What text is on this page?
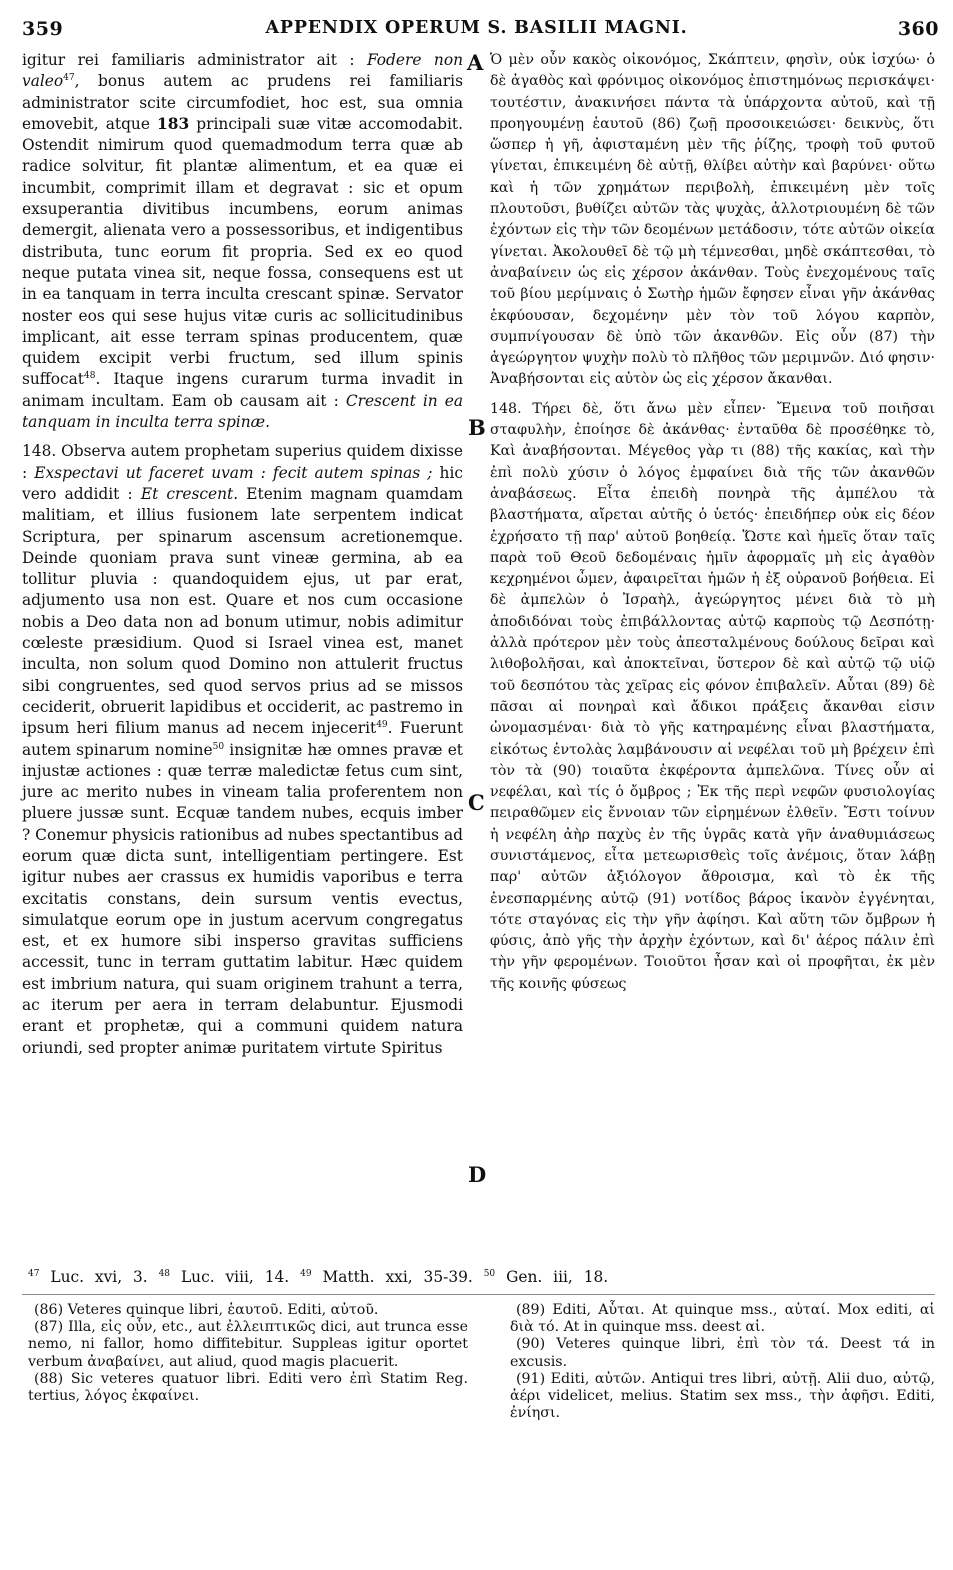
359	APPENDIX OPERUM S. BASILII MAGNI.	360

igitur rei familiaris administrator ait : Fodere non valeo$^{47}$, bonus autem ac prudens rei familiaris administrator scite circumfodiet, hoc est, sua omnia emovebit, atque 183 principali suæ vitæ accomodabit. Ostendit nimirum quod quemadmodum terra quæ ab radice solvitur, fit plantæ alimentum, et ea quæ ei incumbit, comprimit illam et degravat : sic et opum exsuperantia divitibus incumbens, eorum animas demergit, alienata vero a possessoribus, et indigentibus distributa, tunc eorum fit propria. Sed ex eo quod neque putata vinea sit, neque fossa, consequens est ut in ea tanquam in terra inculta crescant spinæ. Servator noster eos qui sese hujus vitæ curis ac sollicitudinibus implicant, ait esse terram spinas producentem, quæ quidem excipit verbi fructum, sed illum spinis suffocat$^{48}$. Itaque ingens curarum turma invadit in animam incultam. Eam ob causam ait : Crescent in ea tanquam in inculta terra spinæ.

148. Observa autem prophetam superius quidem dixisse : Exspectavi ut faceret uvam : fecit autem spinas ; hic vero addidit : Et crescent. Etenim magnam quamdam malitiam, et illius fusionem late serpentem indicat Scriptura, per spinarum ascensum acretionemque. Deinde quoniam prava sunt vineæ germina, ab ea tollitur pluvia : quandoquidem ejus, ut par erat, adjumento usa non est. Quare et nos cum occasione nobis a Deo data non ad bonum utimur, nobis adimitur cœleste præsidium. Quod si Israel vinea est, manet inculta, non solum quod Domino non attulerit fructus sibi congruentes, sed quod servos prius ad se missos ceciderit, obruerit lapidibus et occiderit, ac pastremo in ipsum heri filium manus ad necem injecerit$^{49}$. Fuerunt autem spinarum nomine$^{50}$ insignitæ hæ omnes pravæ et injustæ actiones : quæ terræ maledictæ fetus cum sint, jure ac merito nubes in vineam talia proferentem non pluere jussæ sunt. Ecquæ tandem nubes, ecquis imber ? Conemur physicis rationibus ad nubes spectantibus ad eorum quæ dicta sunt, intelligentiam pertingere. Est igitur nubes aer crassus ex humidis vaporibus e terra excitatis constans, dein sursum ventis evectus, simulatque eorum ope in justum acervum congregatus est, et ex humore sibi insperso gravitas sufficiens accessit, tunc in terram guttatim labitur. Hæc quidem est imbrium natura, qui suam originem trahunt a terra, ac iterum per aera in terram delabuntur. Ejusmodi erant et prophetæ, qui a communi quidem natura oriundi, sed propter animæ puritatem virtute Spiritus

A
B
C
D

Ὁ μὲν οὖν κακὸς οἰκονόμος, Σκάπτειν, φησὶν, οὐκ ἰσχύω· ὁ δὲ ἀγαθὸς καὶ φρόνιμος οἰκονόμος ἐπιστημόνως περισκάψει· τουτέστιν, ἀνακινήσει πάντα τὰ ὑπάρχοντα αὐτοῦ, καὶ τῇ προηγουμένῃ ἑαυτοῦ (86) ζωῇ προσοικειώσει· δεικνὺς, ὅτι ὥσπερ ἡ γῆ, ἀφισταμένη μὲν τῆς ῥίζης, τροφὴ τοῦ φυτοῦ γίνεται, ἐπικειμένη δὲ αὐτῇ, θλίβει αὐτὴν καὶ βαρύνει· οὕτω καὶ ἡ τῶν χρημάτων περιβολὴ, ἐπικειμένη μὲν τοῖς πλουτοῦσι, βυθίζει αὐτῶν τὰς ψυχὰς, ἀλλοτριουμένη δὲ τῶν ἐχόντων εἰς τὴν τῶν δεομένων μετάδοσιν, τότε αὐτῶν οἰκεία γίνεται. Ἀκολουθεῖ δὲ τῷ μὴ τέμνεσθαι, μηδὲ σκάπτεσθαι, τὸ ἀναβαίνειν ὡς εἰς χέρσον ἀκάνθαν. Τοὺς ἐνεχομένους ταῖς τοῦ βίου μερίμναις ὁ Σωτὴρ ἡμῶν ἔφησεν εἶναι γῆν ἀκάνθας ἐκφύουσαν, δεχομένην μὲν τὸν τοῦ λόγου καρπὸν, συμπνίγουσαν δὲ ὑπὸ τῶν ἀκανθῶν. Εἰς οὖν (87) τὴν ἀγεώργητον ψυχὴν πολὺ τὸ πλῆθος τῶν μεριμνῶν. Διό φησιν· Ἀναβήσονται εἰς αὐτὸν ὡς εἰς χέρσον ἄκανθαι.

148. Τήρει δὲ, ὅτι ἄνω μὲν εἶπεν· Ἔμεινα τοῦ ποιῆσαι σταφυλὴν, ἐποίησε δὲ ἀκάνθας· ἐνταῦθα δὲ προσέθηκε τὸ, Καὶ ἀναβήσονται. Μέγεθος γὰρ τι (88) τῆς κακίας, καὶ τὴν ἐπὶ πολὺ χύσιν ὁ λόγος ἐμφαίνει διὰ τῆς τῶν ἀκανθῶν ἀναβάσεως. Εἶτα ἐπειδὴ πονηρὰ τῆς ἀμπέλου τὰ βλαστήματα, αἴρεται αὐτῆς ὁ ὑετός· ἐπειδήπερ οὐκ εἰς δέον ἐχρήσατο τῇ παρ' αὐτοῦ βοηθείᾳ. Ὥστε καὶ ἡμεῖς ὅταν ταῖς παρὰ τοῦ Θεοῦ δεδομέναις ἡμῖν ἀφορμαῖς μὴ εἰς ἀγαθὸν κεχρημένοι ὦμεν, ἀφαιρεῖται ἡμῶν ἡ ἐξ οὐρανοῦ βοήθεια. Εἰ δὲ ἀμπελὼν ὁ Ἰσραὴλ, ἀγεώργητος μένει διὰ τὸ μὴ ἀποδιδόναι τοὺς ἐπιβάλλοντας αὐτῷ καρποὺς τῷ Δεσπότῃ· ἀλλὰ πρότερον μὲν τοὺς ἀπεσταλμένους δούλους δεῖραι καὶ λιθοβολῆσαι, καὶ ἀποκτεῖναι, ὕστερον δὲ καὶ αὐτῷ τῷ υἱῷ τοῦ δεσπότου τὰς χεῖρας εἰς φόνον ἐπιβαλεῖν. Αὗται (89) δὲ πᾶσαι αἱ πονηραὶ καὶ ἄδικοι πράξεις ἄκανθαι εἰσιν ὠνομασμέναι· διὰ τὸ γῆς κατηραμένης εἶναι βλαστήματα, εἰκότως ἐντολὰς λαμβάνουσιν αἱ νεφέλαι τοῦ μὴ βρέχειν ἐπὶ τὸν τὰ (90) τοιαῦτα ἐκφέροντα ἀμπελῶνα. Τίνες οὖν αἱ νεφέλαι, καὶ τίς ὁ ὄμβρος ; Ἐκ τῆς περὶ νεφῶν φυσιολογίας πειραθῶμεν εἰς ἔννοιαν τῶν εἰρημένων ἐλθεῖν. Ἔστι τοίνυν ἡ νεφέλη ἀὴρ παχὺς ἐν τῆς ὑγρᾶς κατὰ γῆν ἀναθυμιάσεως συνιστάμενος, εἶτα μετεωρισθεὶς τοῖς ἀνέμοις, ὅταν λάβῃ παρ' αὐτῶν ἀξιόλογον ἄθροισμα, καὶ τὸ ἐκ τῆς ἐνεσπαρμένης αὐτῷ (91) νοτίδος βάρος ἱκανὸν ἐγγένηται, τότε σταγόνας εἰς τὴν γῆν ἀφίησι. Καὶ αὕτη τῶν ὄμβρων ἡ φύσις, ἀπὸ γῆς τὴν ἀρχὴν ἐχόντων, καὶ δι' ἀέρος πάλιν ἐπὶ τὴν γῆν φερομένων. Τοιοῦτοι ἦσαν καὶ οἱ προφῆται, ἐκ μὲν τῆς κοινῆς φύσεως

$^{47}$ Luc. xvi, 3. $^{48}$ Luc. viii, 14. $^{49}$ Matth. xxi, 35-39. $^{50}$ Gen. iii, 18.
(86) Veteres quinque libri, ἑαυτοῦ. Editi, αὐτοῦ.
(87) Illa, εἰς οὖν, etc., aut ἐλλειπτικῶς dici, aut trunca esse nemo, ni fallor, homo diffitebitur. Suppleas igitur oportet verbum ἀναβαίνει, aut aliud, quod magis placuerit.
(88) Sic veteres quatuor libri. Editi vero ἐπὶ Statim Reg. tertius, λόγος ἐκφαίνει.
(89) Editi, Αὗται. At quinque mss., αὐταί. Mox editi, αἱ διὰ τό. At in quinque mss. deest αἱ.
(90) Veteres quinque libri, ἐπὶ τὸν τά. Deest τά in excusis.
(91) Editi, αὐτῶν. Antiqui tres libri, αὐτῇ. Alii duo, αὐτῷ, ἀέρι videlicet, melius. Statim sex mss., τὴν ἀφῆσι. Editi, ἐνίησι.
